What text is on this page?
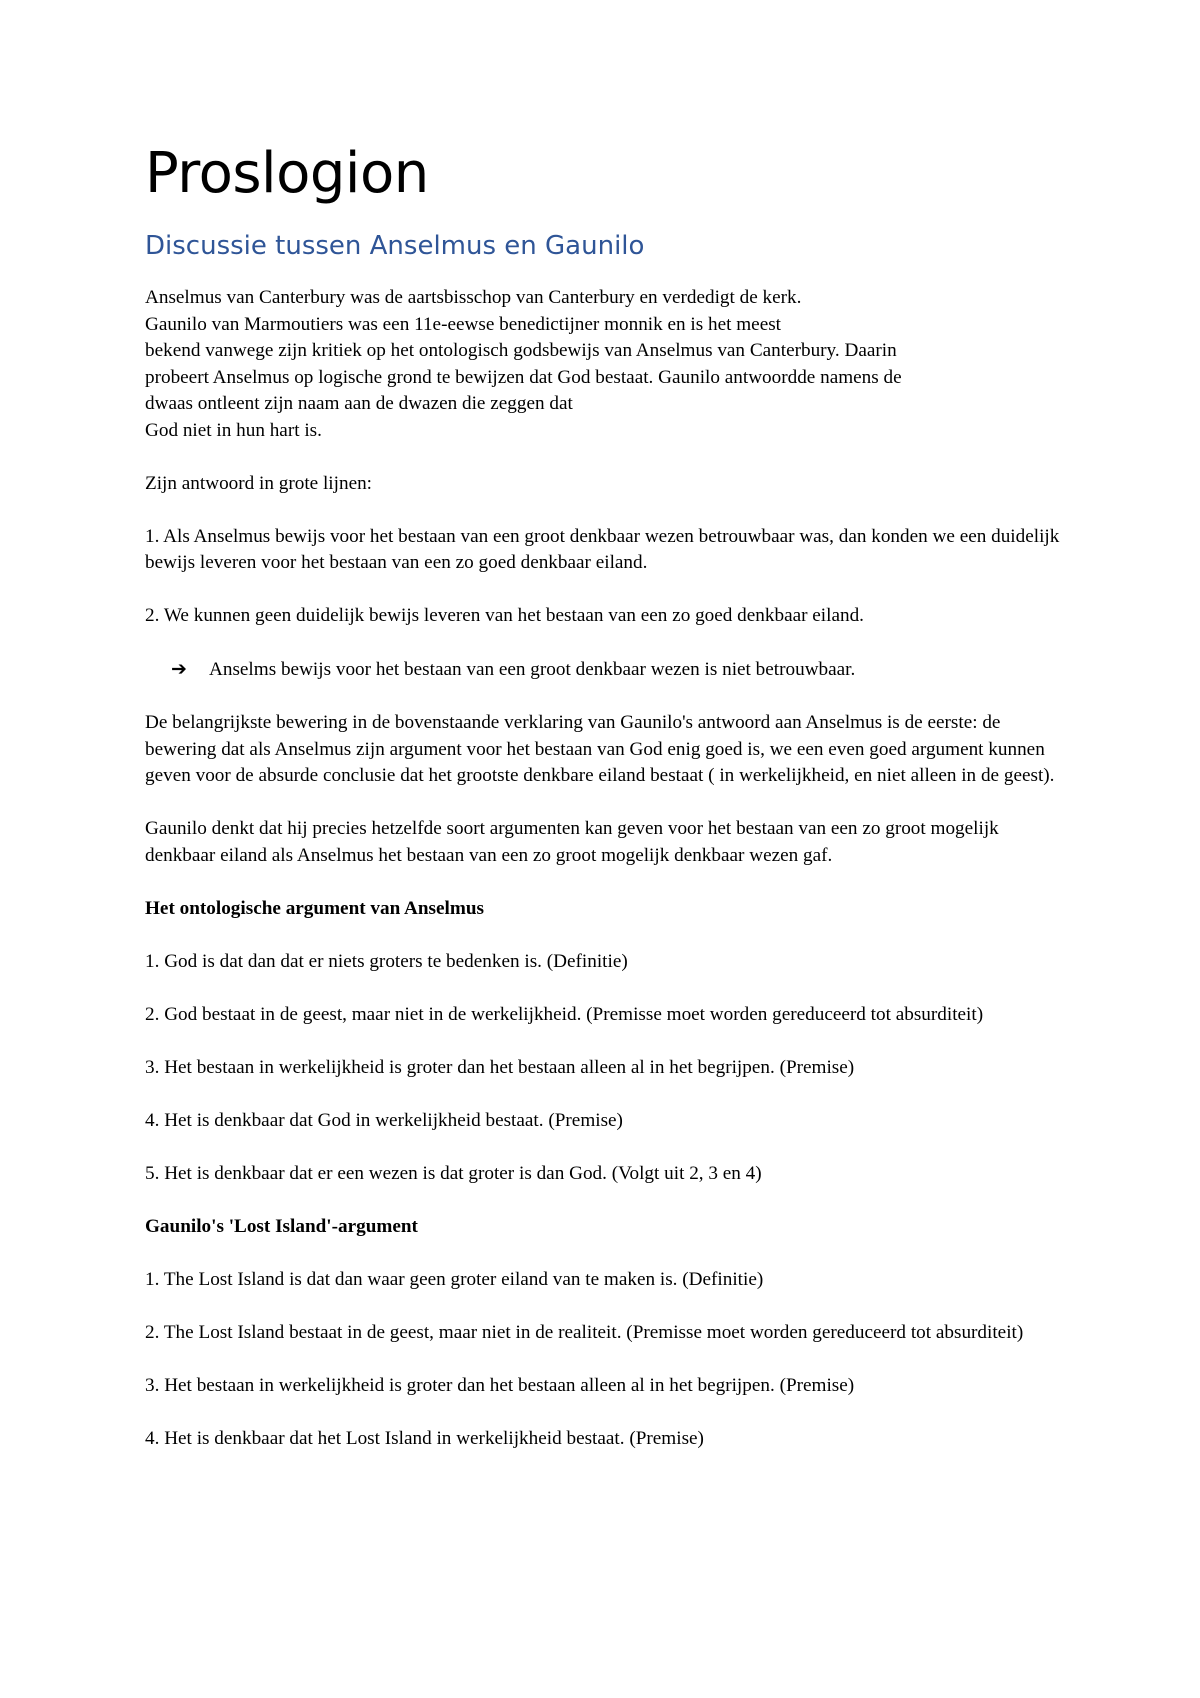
Proslogion
Discussie tussen Anselmus en Gaunilo
Anselmus van Canterbury was de aartsbisschop van Canterbury en verdedigt de kerk.
Gaunilo van Marmoutiers was een 11e-eewse benedictijner monnik en is het meest
bekend vanwege zijn kritiek op het ontologisch godsbewijs van Anselmus van Canterbury. Daarin
probeert Anselmus op logische grond te bewijzen dat God bestaat. Gaunilo antwoordde namens de
dwaas ontleent zijn naam aan de dwazen die zeggen dat
God niet in hun hart is.

Zijn antwoord in grote lijnen:

1. Als Anselmus bewijs voor het bestaan van een groot denkbaar wezen betrouwbaar was, dan konden we een duidelijk bewijs leveren voor het bestaan van een zo goed denkbaar eiland.

2. We kunnen geen duidelijk bewijs leveren van het bestaan van een zo goed denkbaar eiland.

➔ Anselms bewijs voor het bestaan van een groot denkbaar wezen is niet betrouwbaar.

De belangrijkste bewering in de bovenstaande verklaring van Gaunilo's antwoord aan Anselmus is de eerste: de bewering dat als Anselmus zijn argument voor het bestaan van God enig goed is, we een even goed argument kunnen geven voor de absurde conclusie dat het grootste denkbare eiland bestaat ( in werkelijkheid, en niet alleen in de geest).

Gaunilo denkt dat hij precies hetzelfde soort argumenten kan geven voor het bestaan van een zo groot mogelijk denkbaar eiland als Anselmus het bestaan van een zo groot mogelijk denkbaar wezen gaf.

Het ontologische argument van Anselmus

1. God is dat dan dat er niets groters te bedenken is. (Definitie)

2. God bestaat in de geest, maar niet in de werkelijkheid. (Premisse moet worden gereduceerd tot absurditeit)

3. Het bestaan in werkelijkheid is groter dan het bestaan alleen al in het begrijpen. (Premise)

4. Het is denkbaar dat God in werkelijkheid bestaat. (Premise)

5. Het is denkbaar dat er een wezen is dat groter is dan God. (Volgt uit 2, 3 en 4)

Gaunilo's 'Lost Island'-argument

1. The Lost Island is dat dan waar geen groter eiland van te maken is. (Definitie)

2. The Lost Island bestaat in de geest, maar niet in de realiteit. (Premisse moet worden gereduceerd tot absurditeit)

3. Het bestaan in werkelijkheid is groter dan het bestaan alleen al in het begrijpen. (Premise)

4. Het is denkbaar dat het Lost Island in werkelijkheid bestaat. (Premise)
